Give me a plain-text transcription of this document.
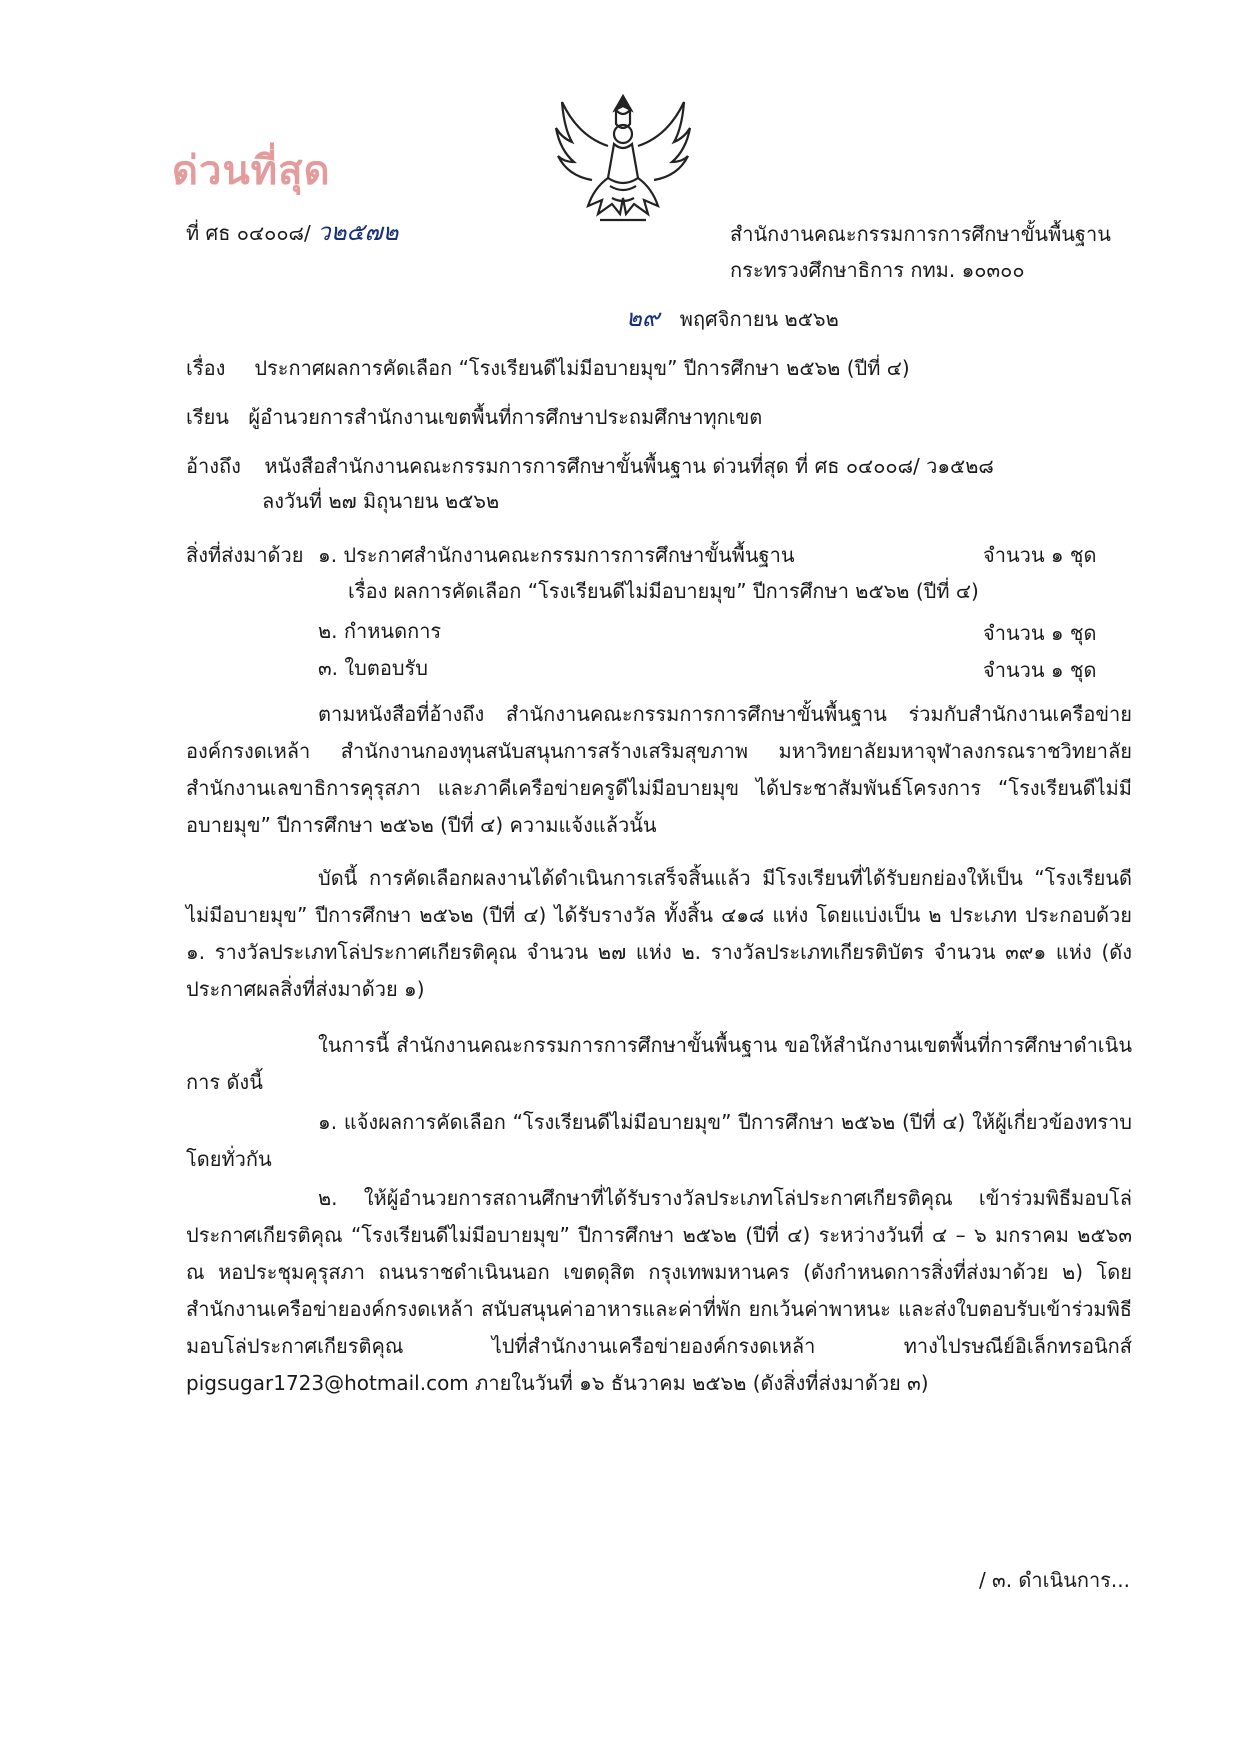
ด่วนที่สุด
ที่ ศธ ๐๔๐๐๘/ ว๒๕๗๒	สำนักงานคณะกรรมการการศึกษาขั้นพื้นฐาน
กระทรวงศึกษาธิการ กทม. ๑๐๓๐๐
๒๙ พฤศจิกายน ๒๕๖๒
เรื่อง ประกาศผลการคัดเลือก “โรงเรียนดีไม่มีอบายมุข” ปีการศึกษา ๒๕๖๒ (ปีที่ ๔)
เรียน ผู้อำนวยการสำนักงานเขตพื้นที่การศึกษาประถมศึกษาทุกเขต
อ้างถึง หนังสือสำนักงานคณะกรรมการการศึกษาขั้นพื้นฐาน ด่วนที่สุด ที่ ศธ ๐๔๐๐๘/ ว๑๕๒๘
ลงวันที่ ๒๗ มิถุนายน ๒๕๖๒
สิ่งที่ส่งมาด้วย ๑. ประกาศสำนักงานคณะกรรมการการศึกษาขั้นพื้นฐาน	จำนวน ๑ ชุด
เรื่อง ผลการคัดเลือก “โรงเรียนดีไม่มีอบายมุข” ปีการศึกษา ๒๕๖๒ (ปีที่ ๔)
๒. กำหนดการ	จำนวน ๑ ชุด
๓. ใบตอบรับ	จำนวน ๑ ชุด
ตามหนังสือที่อ้างถึง สำนักงานคณะกรรมการการศึกษาขั้นพื้นฐาน ร่วมกับสำนักงานเครือข่ายองค์กรงดเหล้า สำนักงานกองทุนสนับสนุนการสร้างเสริมสุขภาพ มหาวิทยาลัยมหาจุฬาลงกรณราชวิทยาลัย สำนักงานเลขาธิการคุรุสภา และภาคีเครือข่ายครูดีไม่มีอบายมุข ได้ประชาสัมพันธ์โครงการ “โรงเรียนดีไม่มีอบายมุข” ปีการศึกษา ๒๕๖๒ (ปีที่ ๔) ความแจ้งแล้วนั้น
บัดนี้ การคัดเลือกผลงานได้ดำเนินการเสร็จสิ้นแล้ว มีโรงเรียนที่ได้รับยกย่องให้เป็น “โรงเรียนดีไม่มีอบายมุข” ปีการศึกษา ๒๕๖๒ (ปีที่ ๔) ได้รับรางวัล ทั้งสิ้น ๔๑๘ แห่ง โดยแบ่งเป็น ๒ ประเภท ประกอบด้วย ๑. รางวัลประเภทโล่ประกาศเกียรติคุณ จำนวน ๒๗ แห่ง ๒. รางวัลประเภทเกียรติบัตร จำนวน ๓๙๑ แห่ง (ดังประกาศผลสิ่งที่ส่งมาด้วย ๑)
ในการนี้ สำนักงานคณะกรรมการการศึกษาขั้นพื้นฐาน ขอให้สำนักงานเขตพื้นที่การศึกษาดำเนินการ ดังนี้
๑. แจ้งผลการคัดเลือก “โรงเรียนดีไม่มีอบายมุข” ปีการศึกษา ๒๕๖๒ (ปีที่ ๔) ให้ผู้เกี่ยวข้องทราบ โดยทั่วกัน
๒. ให้ผู้อำนวยการสถานศึกษาที่ได้รับรางวัลประเภทโล่ประกาศเกียรติคุณ เข้าร่วมพิธีมอบโล่ประกาศเกียรติคุณ “โรงเรียนดีไม่มีอบายมุข” ปีการศึกษา ๒๕๖๒ (ปีที่ ๔) ระหว่างวันที่ ๔ – ๖ มกราคม ๒๕๖๓ ณ หอประชุมคุรุสภา ถนนราชดำเนินนอก เขตดุสิต กรุงเทพมหานคร (ดังกำหนดการสิ่งที่ส่งมาด้วย ๒) โดยสำนักงานเครือข่ายองค์กรงดเหล้า สนับสนุนค่าอาหารและค่าที่พัก ยกเว้นค่าพาหนะ และส่งใบตอบรับเข้าร่วมพิธีมอบโล่ประกาศเกียรติคุณ ไปที่สำนักงานเครือข่ายองค์กรงดเหล้า ทางไปรษณีย์อิเล็กทรอนิกส์ pigsugar1723@hotmail.com ภายในวันที่ ๑๖ ธันวาคม ๒๕๖๒ (ดังสิ่งที่ส่งมาด้วย ๓)
/ ๓. ดำเนินการ...
